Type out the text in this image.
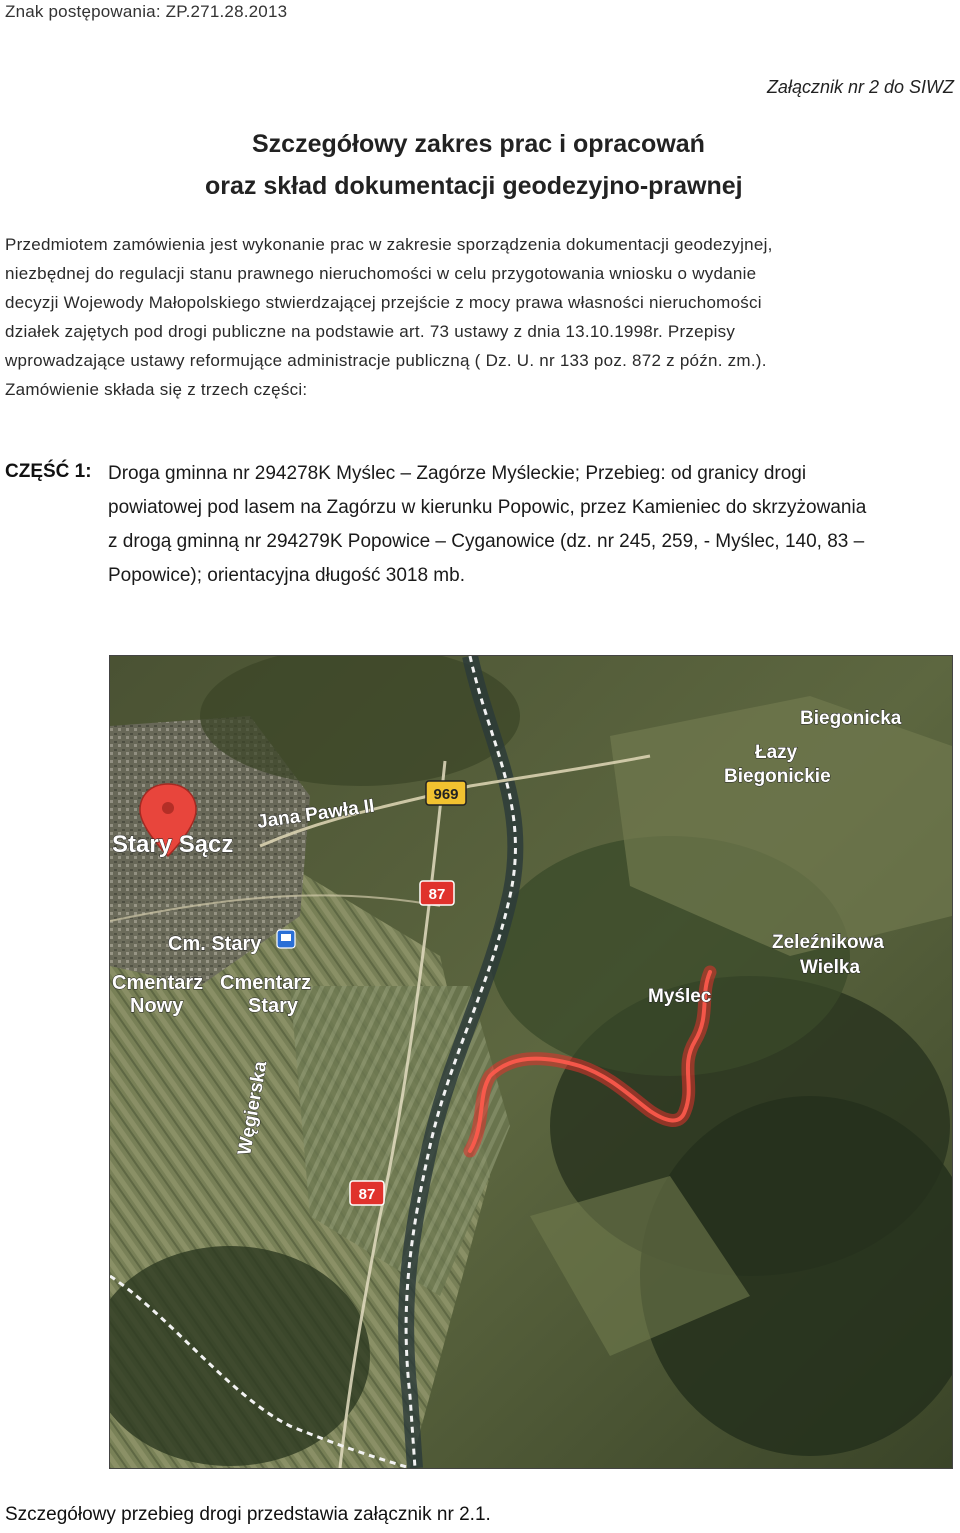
Znak postępowania: ZP.271.28.2013
Załącznik nr 2 do SIWZ
Szczegółowy zakres prac i opracowań
oraz skład dokumentacji geodezyjno-prawnej
Przedmiotem zamówienia jest wykonanie prac w zakresie sporządzenia dokumentacji geodezyjnej,
niezbędnej do regulacji stanu prawnego nieruchomości w celu przygotowania wniosku o wydanie
decyzji Wojewody Małopolskiego stwierdzającej przejście z mocy prawa własności nieruchomości
działek zajętych pod drogi publiczne na podstawie art. 73 ustawy z dnia 13.10.1998r. Przepisy
wprowadzające ustawy reformujące administracje publiczną ( Dz. U. nr 133 poz. 872 z późn. zm.).
Zamówienie składa się z trzech części:
CZĘŚĆ 1: Droga gminna nr 294278K Myślec – Zagórze Myśleckie; Przebieg: od granicy drogi
powiatowej pod lasem na Zagórzu w kierunku Popowic, przez Kamieniec do skrzyżowania
z drogą gminną nr 294279K Popowice – Cyganowice (dz. nr 245, 259, - Myślec, 140, 83 –
Popowice); orientacyjna długość 3018 mb.
969
87
87
Stary Sącz
Jana Pawła II
Cm. Stary
Cmentarz
Nowy
Cmentarz
Stary
Węgierska
Biegonicka
Łazy
Biegonickie
Zeleźnikowa
Wielka
Myślec
Szczegółowy przebieg drogi przedstawia załącznik nr 2.1.
